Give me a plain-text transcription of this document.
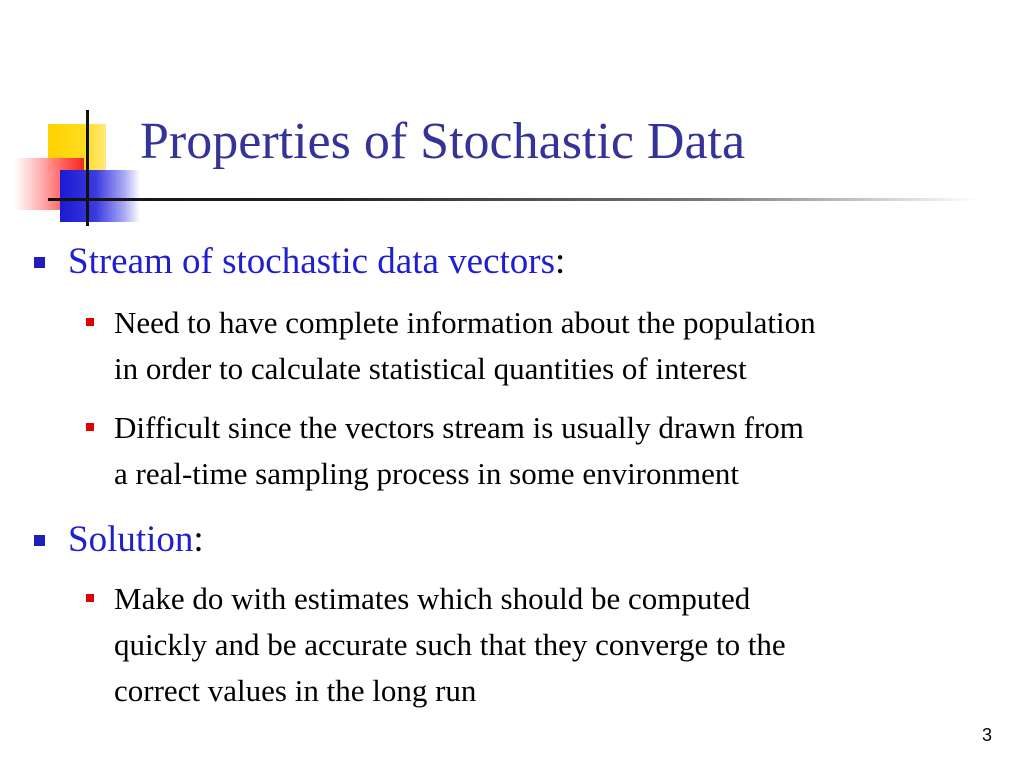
Properties of Stochastic Data
Stream of stochastic data vectors:
Need to have complete information about the population
in order to calculate statistical quantities of interest
Difficult since the vectors stream is usually drawn from
a real-time sampling process in some environment
Solution:
Make do with estimates which should be computed
quickly and be accurate such that they converge to the
correct values in the long run
3
